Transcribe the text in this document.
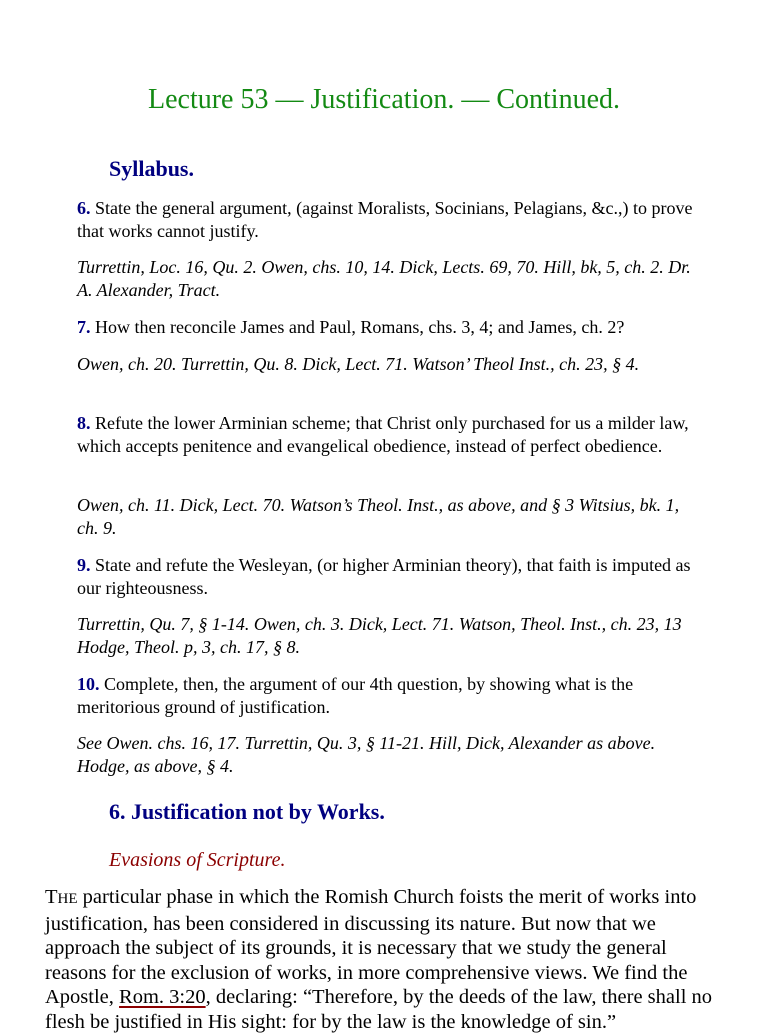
Lecture 53 — Justification. — Continued.
Syllabus.
6. State the general argument, (against Moralists, Socinians, Pelagians, &c.,) to prove that works cannot justify.
Turrettin, Loc. 16, Qu. 2. Owen, chs. 10, 14. Dick, Lects. 69, 70. Hill, bk, 5, ch. 2. Dr. A. Alexander, Tract.
7. How then reconcile James and Paul, Romans, chs. 3, 4; and James, ch. 2?
Owen, ch. 20. Turrettin, Qu. 8. Dick, Lect. 71. Watson’ Theol Inst., ch. 23, § 4.
8. Refute the lower Arminian scheme; that Christ only purchased for us a milder law, which accepts penitence and evangelical obedience, instead of perfect obedience.
Owen, ch. 11. Dick, Lect. 70. Watson’s Theol. Inst., as above, and § 3 Witsius, bk. 1, ch. 9.
9. State and refute the Wesleyan, (or higher Arminian theory), that faith is imputed as our righteousness.
Turrettin, Qu. 7, § 1-14. Owen, ch. 3. Dick, Lect. 71. Watson, Theol. Inst., ch. 23, 13 Hodge, Theol. p, 3, ch. 17, § 8.
10. Complete, then, the argument of our 4th question, by showing what is the meritorious ground of justification.
See Owen. chs. 16, 17. Turrettin, Qu. 3, § 11-21. Hill, Dick, Alexander as above. Hodge, as above, § 4.
6. Justification not by Works.
Evasions of Scripture.
THE particular phase in which the Romish Church foists the merit of works into justification, has been considered in discussing its nature. But now that we approach the subject of its grounds, it is necessary that we study the general reasons for the exclusion of works, in more comprehensive views. We find the Apostle, Rom. 3:20, declaring: “Therefore, by the deeds of the law, there shall no flesh be justified in His sight: for by the law is the knowledge of sin.”
